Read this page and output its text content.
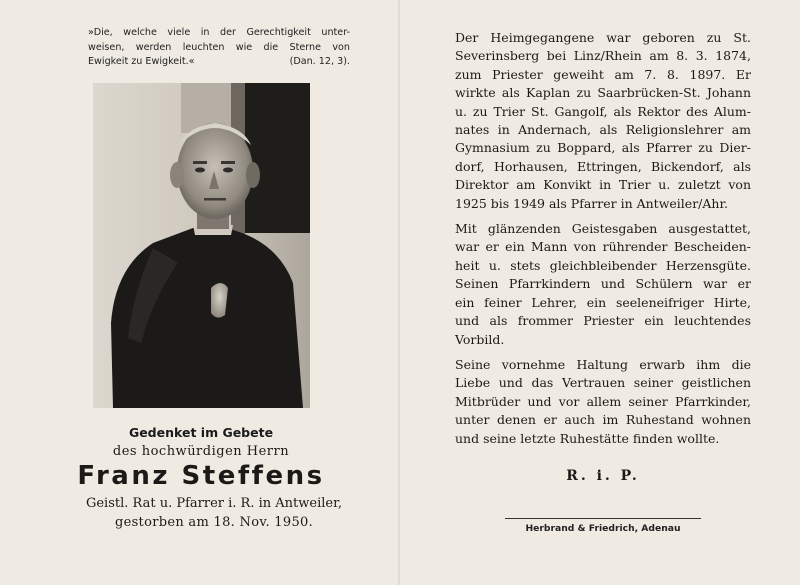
»Die, welche viele in der Gerechtigkeit unter-
weisen, werden leuchten wie die Sterne von
Ewigkeit zu Ewigkeit.«	(Dan. 12, 3).
Gedenket im Gebete
des hochwürdigen Herrn
Franz Steffens
Geistl. Rat u. Pfarrer i. R. in Antweiler,
gestorben am 18. Nov. 1950.

Der Heimgegangene war geboren zu St.
Severinsberg bei Linz/Rhein am 8. 3. 1874,
zum Priester geweiht am 7. 8. 1897. Er
wirkte als Kaplan zu Saarbrücken-St. Johann
u. zu Trier St. Gangolf, als Rektor des Alum-
nates in Andernach, als Religionslehrer am
Gymnasium zu Boppard, als Pfarrer zu Dier-
dorf, Horhausen, Ettringen, Bickendorf, als
Direktor am Konvikt in Trier u. zuletzt von
1925 bis 1949 als Pfarrer in Antweiler/Ahr.

Mit glänzenden Geistesgaben ausgestattet,
war er ein Mann von rührender Bescheiden-
heit u. stets gleichbleibender Herzensgüte.
Seinen Pfarrkindern und Schülern war er
ein feiner Lehrer, ein seeleneifriger Hirte,
und als frommer Priester ein leuchtendes
Vorbild.

Seine vornehme Haltung erwarb ihm die
Liebe und das Vertrauen seiner geistlichen
Mitbrüder und vor allem seiner Pfarrkinder,
unter denen er auch im Ruhestand wohnen
und seine letzte Ruhestätte finden wollte.

R. i. P.
Herbrand & Friedrich, Adenau
